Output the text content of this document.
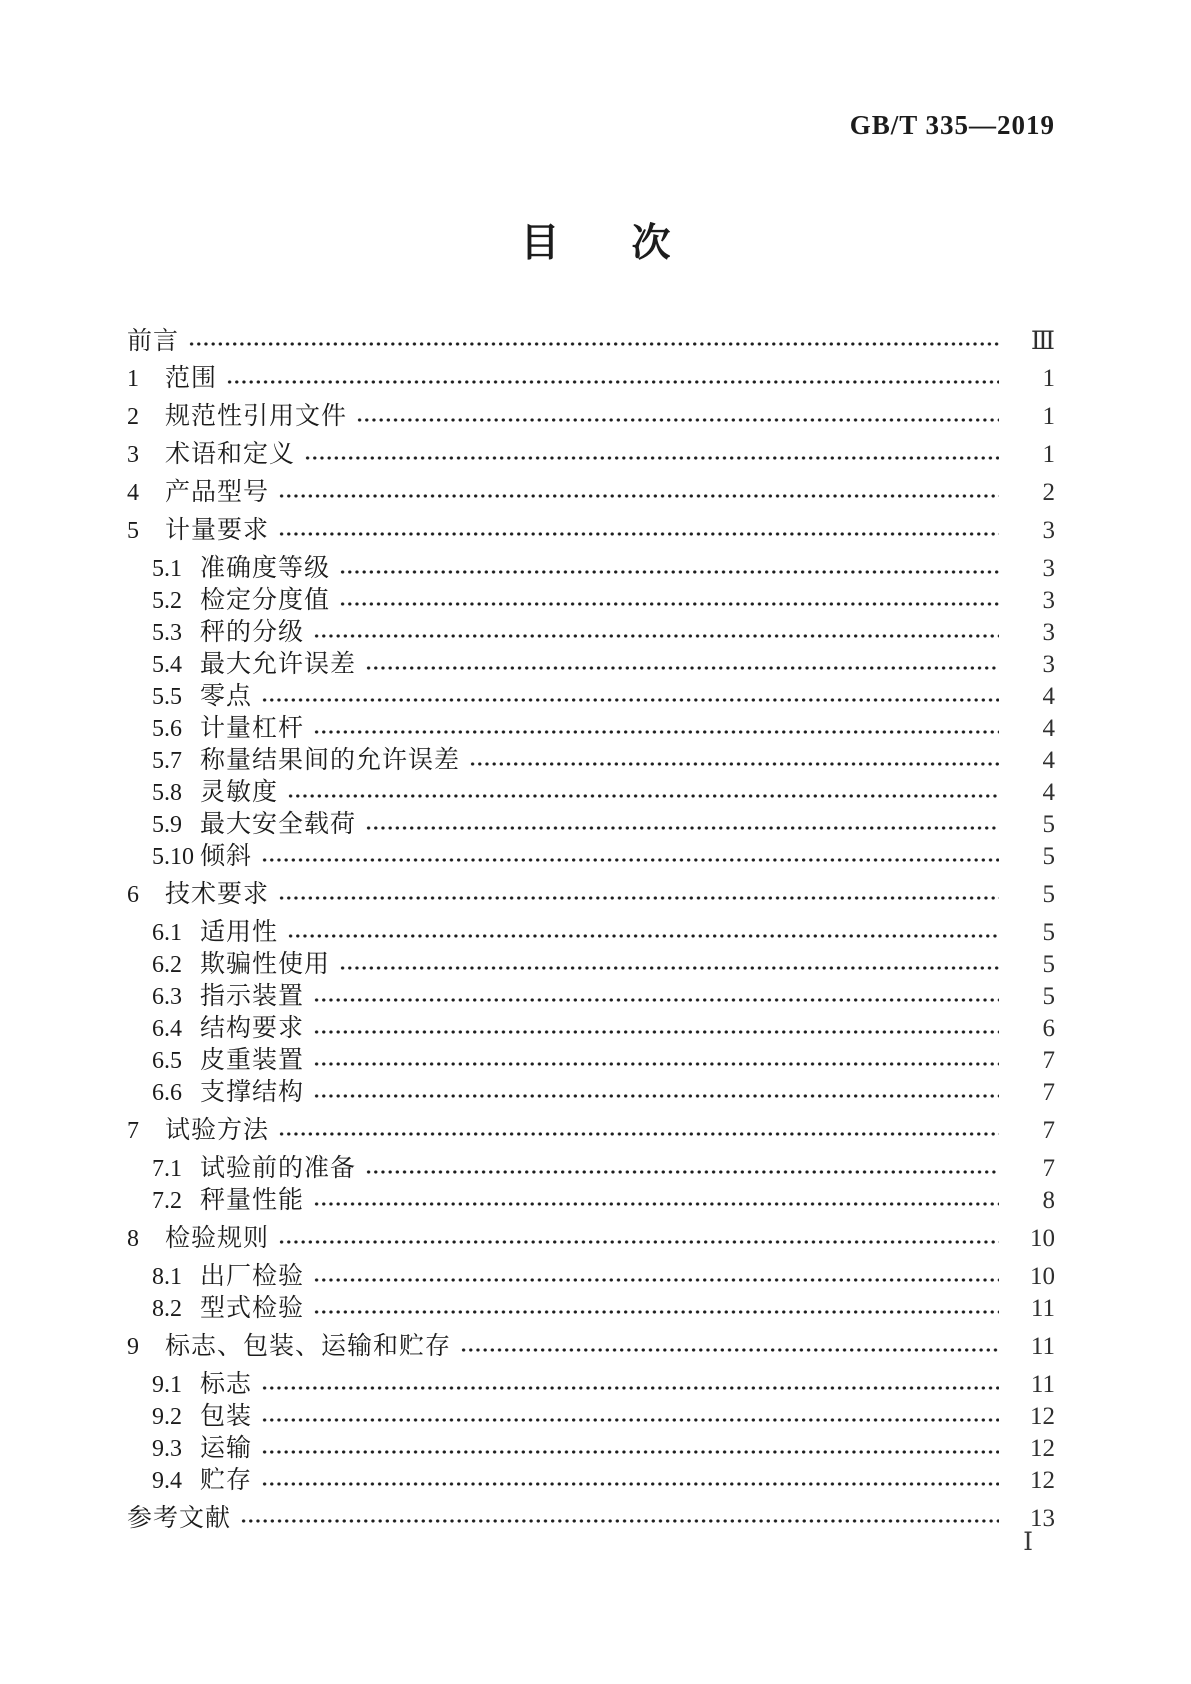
GB/T 335—2019
目 次
前言	Ⅲ
1	范围	1
2	规范性引用文件	1
3	术语和定义	1
4	产品型号	2
5	计量要求	3
5.1 准确度等级	3
5.2 检定分度值	3
5.3 秤的分级	3
5.4 最大允许误差	3
5.5 零点	4
5.6 计量杠杆	4
5.7 称量结果间的允许误差	4
5.8 灵敏度	4
5.9 最大安全载荷	5
5.10 倾斜	5
6	技术要求	5
6.1 适用性	5
6.2 欺骗性使用	5
6.3 指示装置	5
6.4 结构要求	6
6.5 皮重装置	7
6.6 支撑结构	7
7	试验方法	7
7.1 试验前的准备	7
7.2 秤量性能	8
8	检验规则	10
8.1 出厂检验	10
8.2 型式检验	11
9	标志、包装、运输和贮存	11
9.1 标志	11
9.2 包装	12
9.3 运输	12
9.4 贮存	12
参考文献	13
Ⅰ
